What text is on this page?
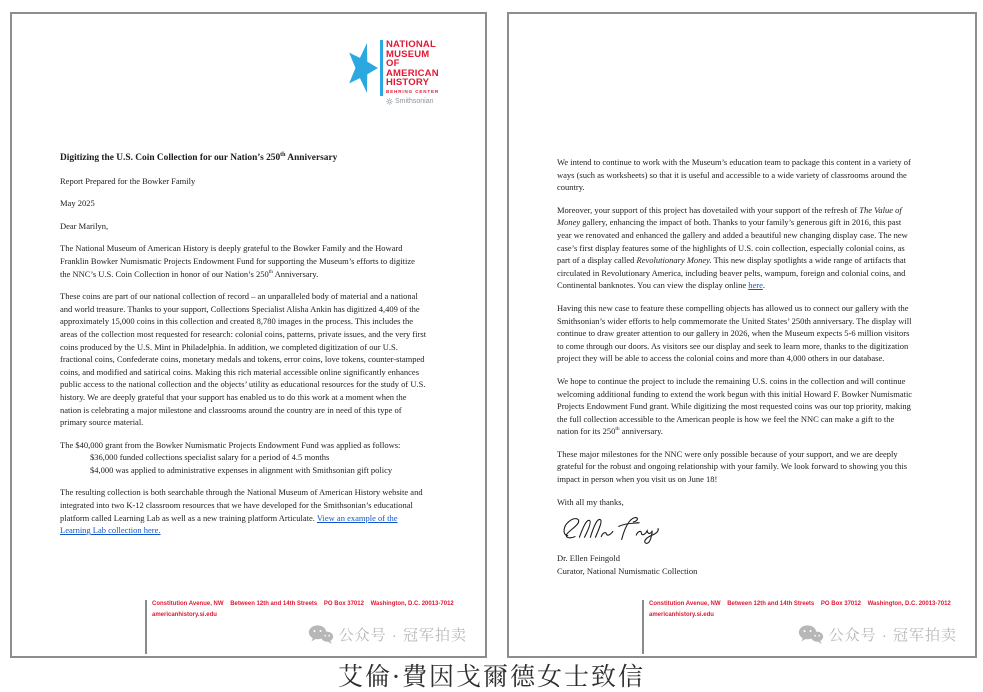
NATIONAL
MUSEUM
OF
AMERICAN
HISTORY
BEHRING CENTER
Smithsonian

Digitizing the U.S. Coin Collection for our Nation’s 250th Anniversary

Report Prepared for the Bowker Family

May 2025

Dear Marilyn,

The National Museum of American History is deeply grateful to the Bowker Family and the Howard Franklin Bowker Numismatic Projects Endowment Fund for supporting the Museum’s efforts to digitize the NNC’s U.S. Coin Collection in honor of our Nation’s 250th Anniversary.

These coins are part of our national collection of record – an unparalleled body of material and a national and world treasure. Thanks to your support, Collections Specialist Alisha Ankin has digitized 4,409 of the approximately 15,000 coins in this collection and created 8,780 images in the process. This includes the areas of the collection most requested for research: colonial coins, patterns, private issues, and the very first coins produced by the U.S. Mint in Philadelphia. In addition, we completed digitization of our U.S. fractional coins, Confederate coins, monetary medals and tokens, error coins, love tokens, counter-stamped coins, and modified and satirical coins. Making this rich material accessible online significantly enhances public access to the national collection and the objects’ utility as educational resources for the study of U.S. history. We are deeply grateful that your support has enabled us to do this work at a moment when the nation is celebrating a major milestone and classrooms around the country are in need of this type of primary source material.

The $40,000 grant from the Bowker Numismatic Projects Endowment Fund was applied as follows:
$36,000 funded collections specialist salary for a period of 4.5 months
$4,000 was applied to administrative expenses in alignment with Smithsonian gift policy

The resulting collection is both searchable through the National Museum of American History website and integrated into two K-12 classroom resources that we have developed for the Smithsonian’s educational platform called Learning Lab as well as a new training platform Articulate. View an example of the Learning Lab collection here.

Constitution Avenue, NW    Between 12th and 14th Streets    PO Box 37012    Washington, D.C. 20013-7012
americanhistory.si.edu
公众号 · 冠军拍卖

We intend to continue to work with the Museum’s education team to package this content in a variety of ways (such as worksheets) so that it is useful and accessible to a wide variety of classrooms around the country.

Moreover, your support of this project has dovetailed with your support of the refresh of The Value of Money gallery, enhancing the impact of both. Thanks to your family’s generous gift in 2016, this past year we renovated and enhanced the gallery and added a beautiful new changing display case. The new case’s first display features some of the highlights of U.S. coin collection, especially colonial coins, as part of a display called Revolutionary Money. This new display spotlights a wide range of artifacts that circulated in Revolutionary America, including beaver pelts, wampum, foreign and colonial coins, and Continental banknotes. You can view the display online here.

Having this new case to feature these compelling objects has allowed us to connect our gallery with the Smithsonian’s wider efforts to help commemorate the United States’ 250th anniversary. The display will continue to draw greater attention to our gallery in 2026, when the Museum expects 5-6 million visitors to come through our doors. As visitors see our display and seek to learn more, thanks to the digitization project they will be able to access the colonial coins and more than 4,000 others in our database.

We hope to continue the project to include the remaining U.S. coins in the collection and will continue welcoming additional funding to extend the work begun with this initial Howard F. Bowker Numismatic Projects Endowment Fund grant. While digitizing the most requested coins was our top priority, making the full collection accessible to the American people is how we feel the NNC can make a gift to the nation for its 250th anniversary.

These major milestones for the NNC were only possible because of your support, and we are deeply grateful for the robust and ongoing relationship with your family. We look forward to showing you this impact in person when you visit us on June 18!

With all my thanks,

Dr. Ellen Feingold
Curator, National Numismatic Collection
Constitution Avenue, NW    Between 12th and 14th Streets    PO Box 37012    Washington, D.C. 20013-7012
americanhistory.si.edu
公众号 · 冠军拍卖
艾倫·費因戈爾德女士致信
